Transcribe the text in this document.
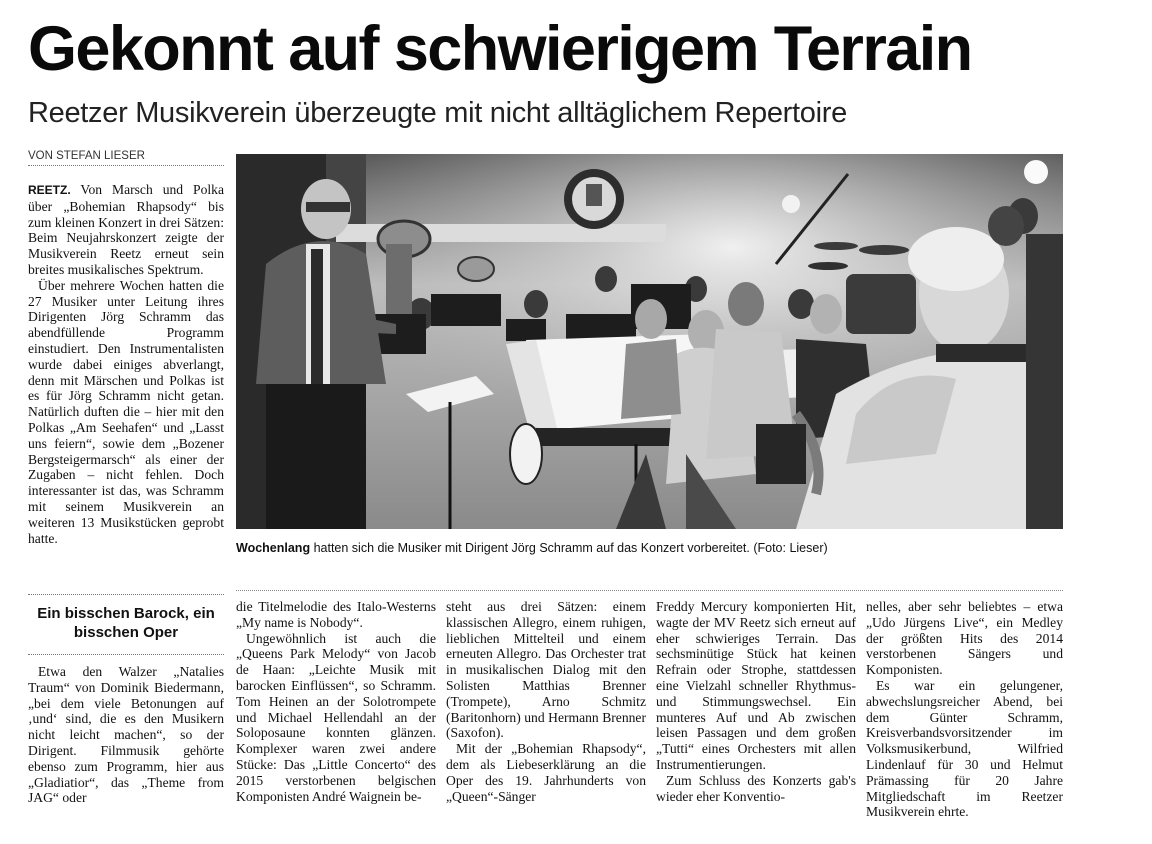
Gekonnt auf schwierigem Terrain
Reetzer Musikverein überzeugte mit nicht alltäglichem Repertoire
VON STEFAN LIESER

REETZ. Von Marsch und Polka über „Bohemian Rhapsody“ bis zum kleinen Konzert in drei Sätzen: Beim Neujahrskonzert zeigte der Musikverein Reetz erneut sein breites musikalisches Spektrum.

Über mehrere Wochen hatten die 27 Musiker unter Leitung ihres Dirigenten Jörg Schramm das abendfüllende Programm einstudiert. Den Instrumentalisten wurde dabei einiges abverlangt, denn mit Märschen und Polkas ist es für Jörg Schramm nicht getan. Natürlich duften die – hier mit den Polkas „Am Seehafen“ und „Lasst uns feiern“, sowie dem „Bozener Bergsteigermarsch“ als einer der Zugaben – nicht fehlen. Doch interessanter ist das, was Schramm mit seinem Musikverein an weiteren 13 Musikstücken geprobt hatte.

Wochenlang hatten sich die Musiker mit Dirigent Jörg Schramm auf das Konzert vorbereitet. (Foto: Lieser)
Ein bisschen Barock, ein bisschen Oper

Etwa den Walzer „Natalies Traum“ von Dominik Biedermann, „bei dem viele Betonungen auf ‚und‘ sind, die es den Musikern nicht leicht machen“, so der Dirigent. Filmmusik gehörte ebenso zum Programm, hier aus „Gladiatior“, das „Theme from JAG“ oder

die Titelmelodie des Italo-Westerns „My name is Nobody“.

Ungewöhnlich ist auch die „Queens Park Melody“ von Jacob de Haan: „Leichte Musik mit barocken Einflüssen“, so Schramm. Tom Heinen an der Solotrompete und Michael Hellendahl an der Soloposaune konnten glänzen. Komplexer waren zwei andere Stücke: Das „Little Concerto“ des 2015 verstorbenen belgischen Komponisten André Waignein be-

steht aus drei Sätzen: einem klassischen Allegro, einem ruhigen, lieblichen Mittelteil und einem erneuten Allegro. Das Orchester trat in musikalischen Dialog mit den Solisten Matthias Brenner (Trompete), Arno Schmitz (Baritonhorn) und Hermann Brenner (Saxofon).

Mit der „Bohemian Rhapsody“, dem als Liebeserklärung an die Oper des 19. Jahrhunderts von „Queen“-Sänger

Freddy Mercury komponierten Hit, wagte der MV Reetz sich erneut auf eher schwieriges Terrain. Das sechsminütige Stück hat keinen Refrain oder Strophe, stattdessen eine Vielzahl schneller Rhythmus- und Stimmungswechsel. Ein munteres Auf und Ab zwischen leisen Passagen und dem großen „Tutti“ eines Orchesters mit allen Instrumentierungen.

Zum Schluss des Konzerts gab's wieder eher Konventio-

nelles, aber sehr beliebtes – etwa „Udo Jürgens Live“, ein Medley der größten Hits des 2014 verstorbenen Sängers und Komponisten.

Es war ein gelungener, abwechslungsreicher Abend, bei dem Günter Schramm, Kreisverbandsvorsitzender im Volksmusikerbund, Wilfried Lindenlauf für 30 und Helmut Prämassing für 20 Jahre Mitgliedschaft im Reetzer Musikverein ehrte.
